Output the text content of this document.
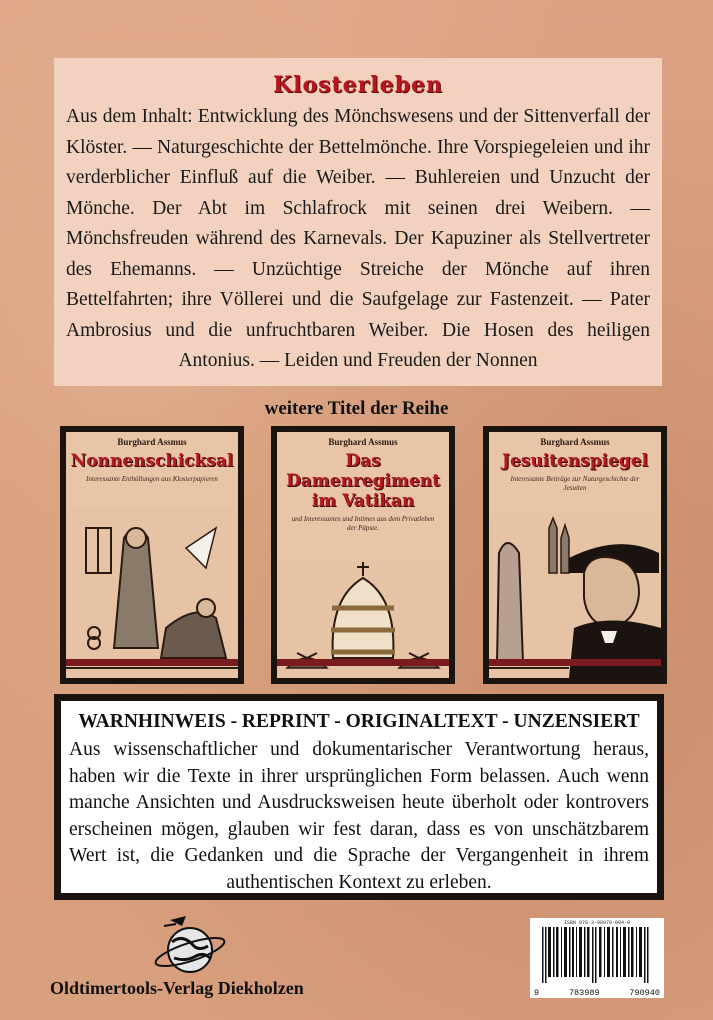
Klosterleben

Aus dem Inhalt: Entwicklung des Mönchswesens und der Sittenverfall der Klöster. — Naturgeschichte der Bettelmönche. Ihre Vorspiegeleien und ihr verderblicher Einfluß auf die Weiber. — Buhlereien und Unzucht der Mönche. Der Abt im Schlafrock mit seinen drei Weibern. — Mönchsfreuden während des Karnevals. Der Kapuziner als Stellvertreter des Ehemanns. — Unzüchtige Streiche der Mönche auf ihren Bettelfahrten; ihre Völlerei und die Saufgelage zur Fastenzeit. — Pater Ambrosius und die unfruchtbaren Weiber. Die Hosen des heiligen Antonius. — Leiden und Freuden der Nonnen

weitere Titel der Reihe
Burghard Assmus
Nonnenschicksal
Interessante Enthüllungen aus Klosterpapieren
Burghard Assmus
Das Damenregiment im Vatikan
und Interessantes und Intimes aus dem Privatleben der Päpste.
Burghard Assmus
Jesuitenspiegel
Interessante Beiträge zur Naturgeschichte der Jesuiten
WARNHINWEIS - REPRINT - ORIGINALTEXT - UNZENSIERT

Aus wissenschaftlicher und dokumentarischer Verantwortung heraus, haben wir die Texte in ihrer ursprünglichen Form belassen. Auch wenn manche Ansichten und Ausdrucksweisen heute überholt oder kontrovers erscheinen mögen, glauben wir fest daran, dass es von unschätzbarem Wert ist, die Gedanken und die Sprache der Vergangenheit in ihrem authentischen Kontext zu erleben.

Oldtimertools-Verlag Diekholzen
ISBN 978-3-98979-094-0
9	783989	790940
